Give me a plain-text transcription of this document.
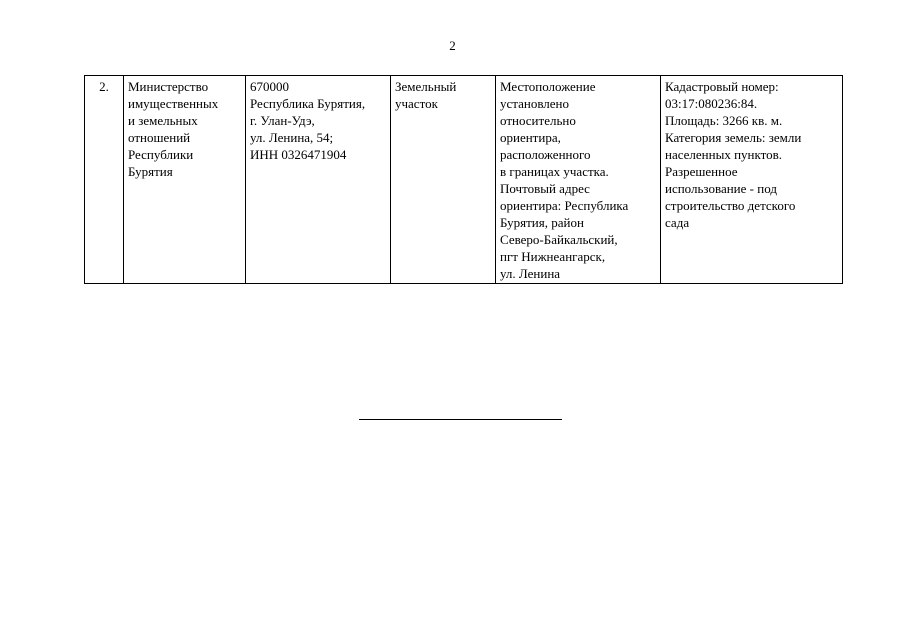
2
2.	Министерство
имущественных
и земельных
отношений
Республики
Бурятия	670000
Республика Бурятия,
г. Улан-Удэ,
ул. Ленина, 54;
ИНН 0326471904	Земельный
участок	Местоположение
установлено
относительно
ориентира,
расположенного
в границах участка.
Почтовый адрес
ориентира: Республика
Бурятия, район
Северо-Байкальский,
пгт Нижнеангарск,
ул. Ленина	Кадастровый номер:
03:17:080236:84.
Площадь: 3266 кв. м.
Категория земель: земли
населенных пунктов.
Разрешенное
использование - под
строительство детского
сада
